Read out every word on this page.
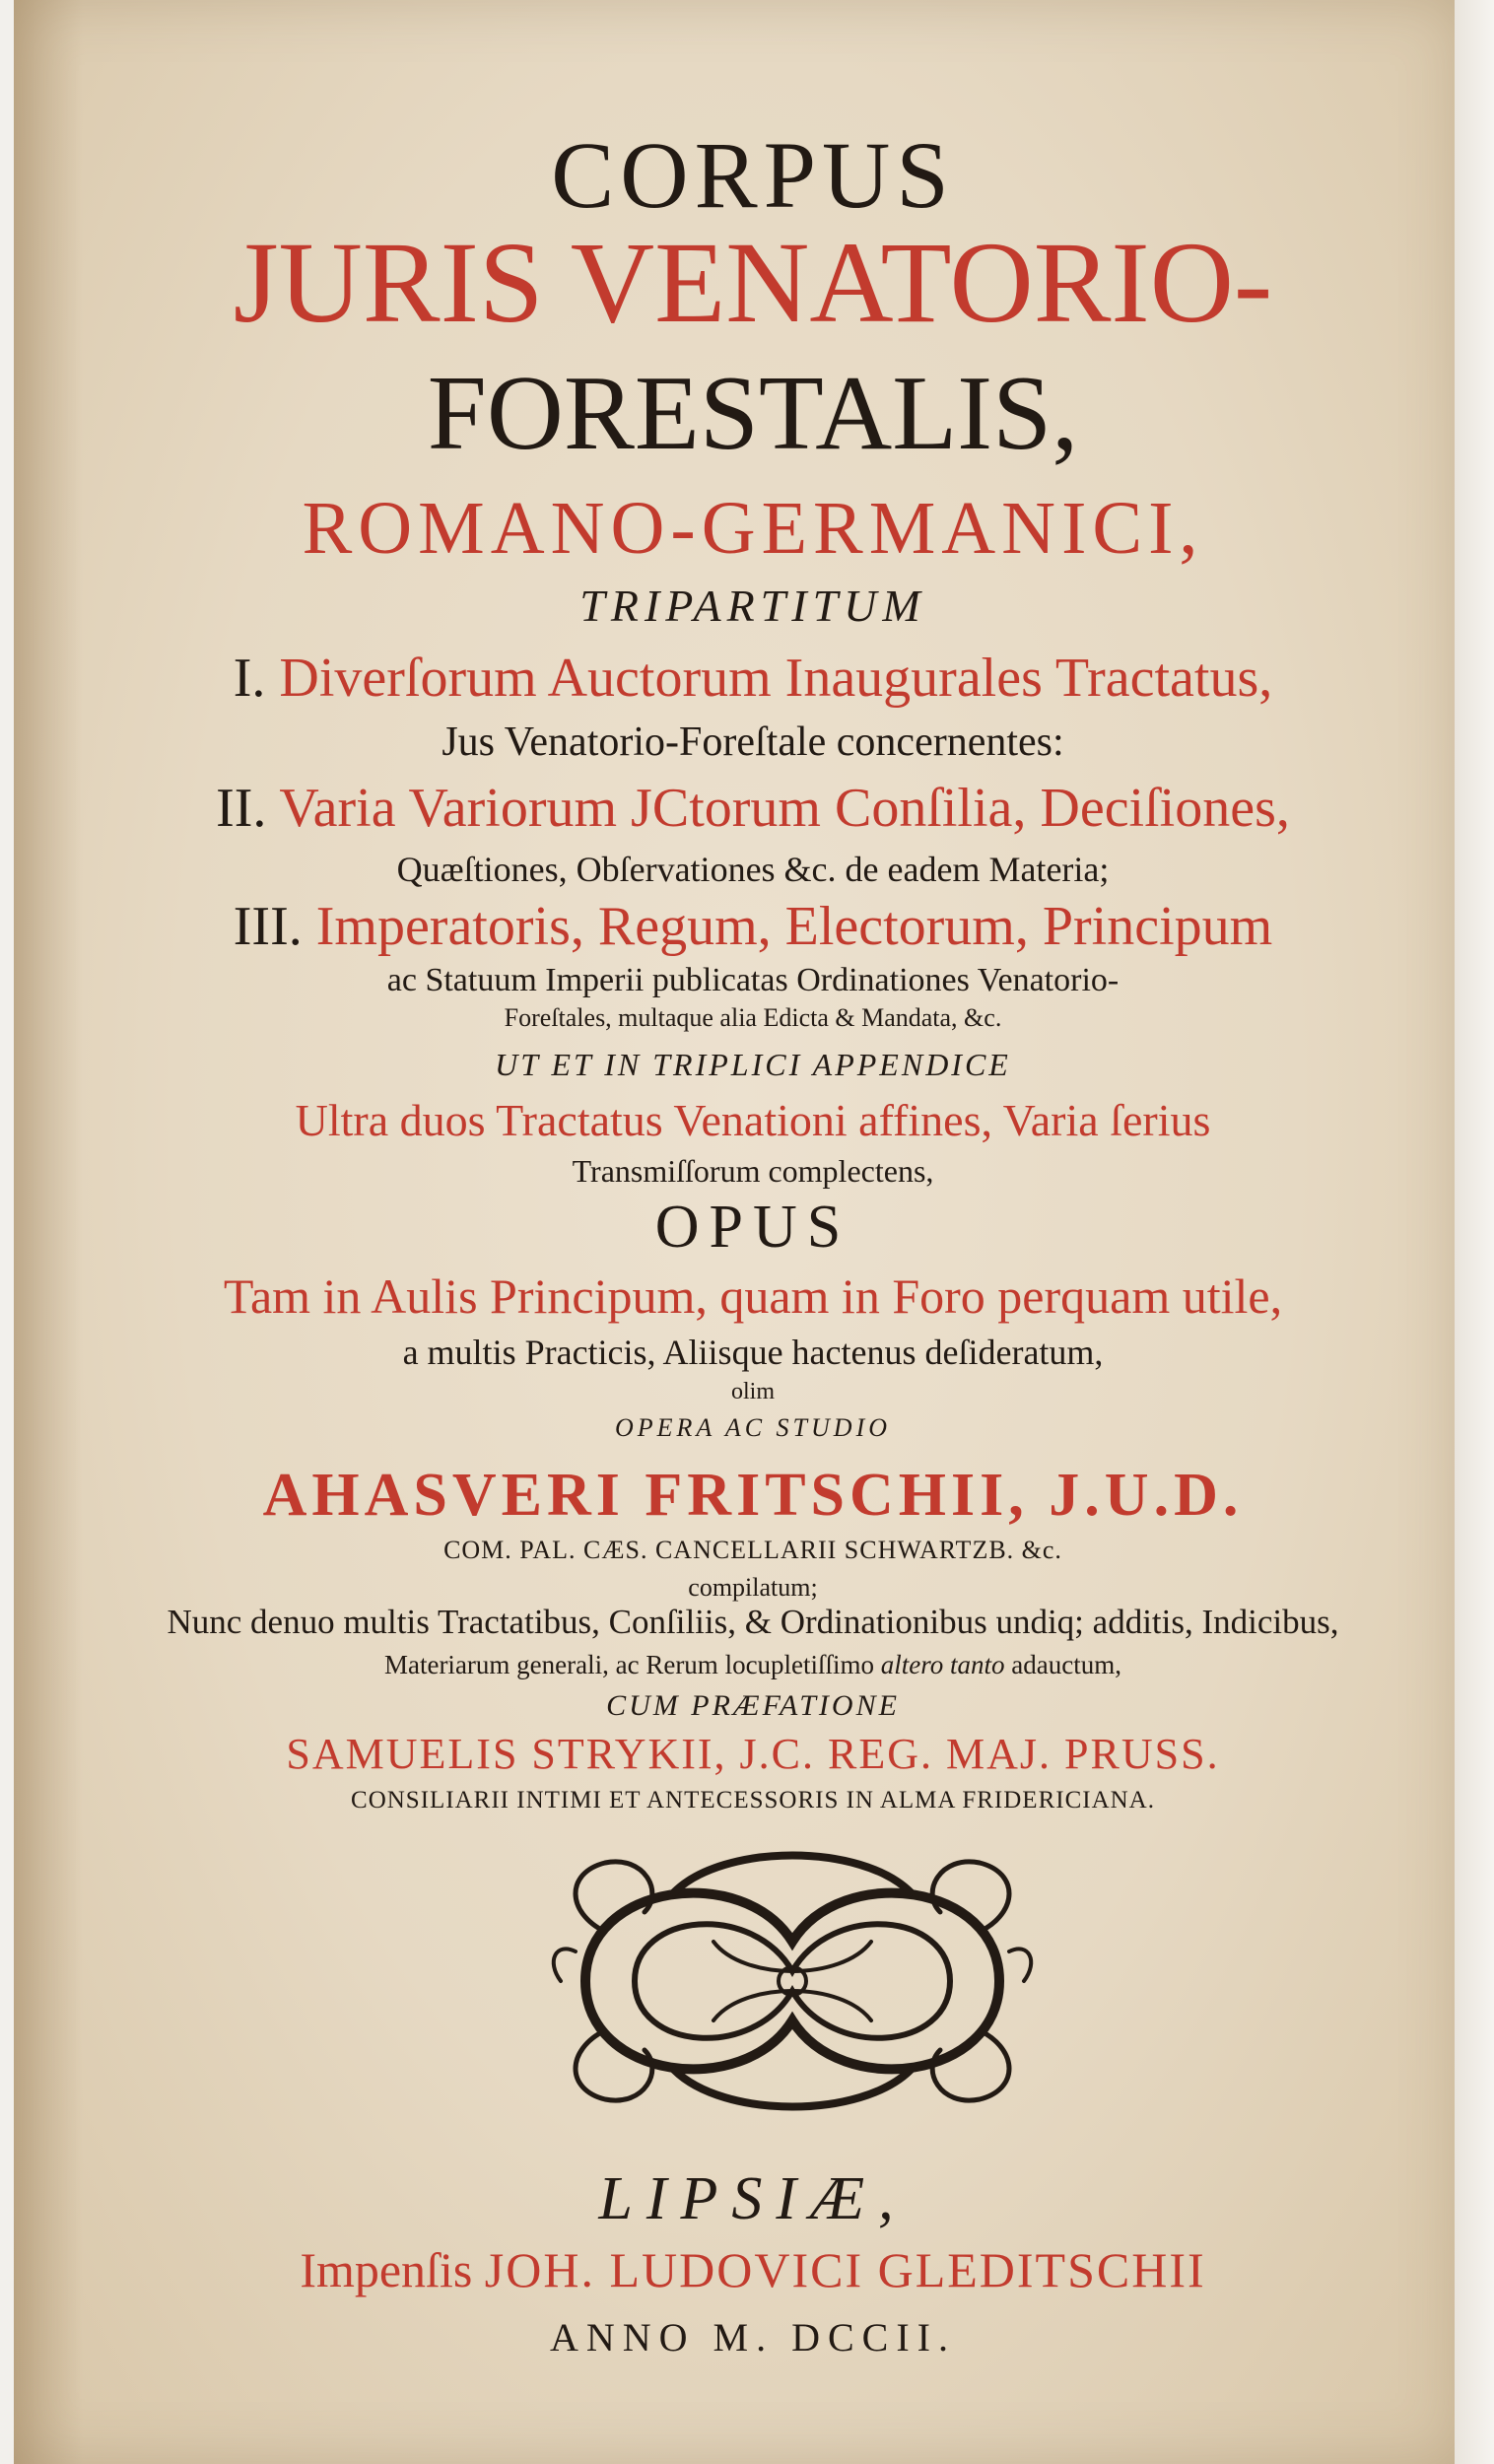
CORPUS
JURIS VENATORIO-
FORESTALIS,
ROMANO-GERMANICI,
TRIPARTITUM
I. Diverſorum Auctorum Inaugurales Tractatus,
Jus Venatorio-Foreſtale concernentes:
II. Varia Variorum JCtorum Conſilia, Deciſiones,
Quæſtiones, Obſervationes &c. de eadem Materia;
III. Imperatoris, Regum, Electorum, Principum
ac Statuum Imperii publicatas Ordinationes Venatorio-
Foreſtales, multaque alia Edicta & Mandata, &c.
UT ET IN TRIPLICI APPENDICE
Ultra duos Tractatus Venationi affines, Varia ſerius
Transmiſſorum complectens,
OPUS
Tam in Aulis Principum, quam in Foro perquam utile,
a multis Practicis, Aliisque hactenus deſideratum,
olim
OPERA AC STUDIO
AHASVERI FRITSCHII, J.U.D.
COM. PAL. CÆS. CANCELLARII SCHWARTZB. &c.
compilatum;
Nunc denuo multis Tractatibus, Conſiliis, & Ordinationibus undiq; additis, Indicibus,
Materiarum generali, ac Rerum locupletiſſimo altero tanto adauctum,
CUM PRÆFATIONE
SAMUELIS STRYKII, J.C. REG. MAJ. PRUSS.
CONSILIARII INTIMI ET ANTECESSORIS IN ALMA FRIDERICIANA.
LIPSIÆ,
Impenſis JOH. LUDOVICI GLEDITSCHII
ANNO M. DCCII.
